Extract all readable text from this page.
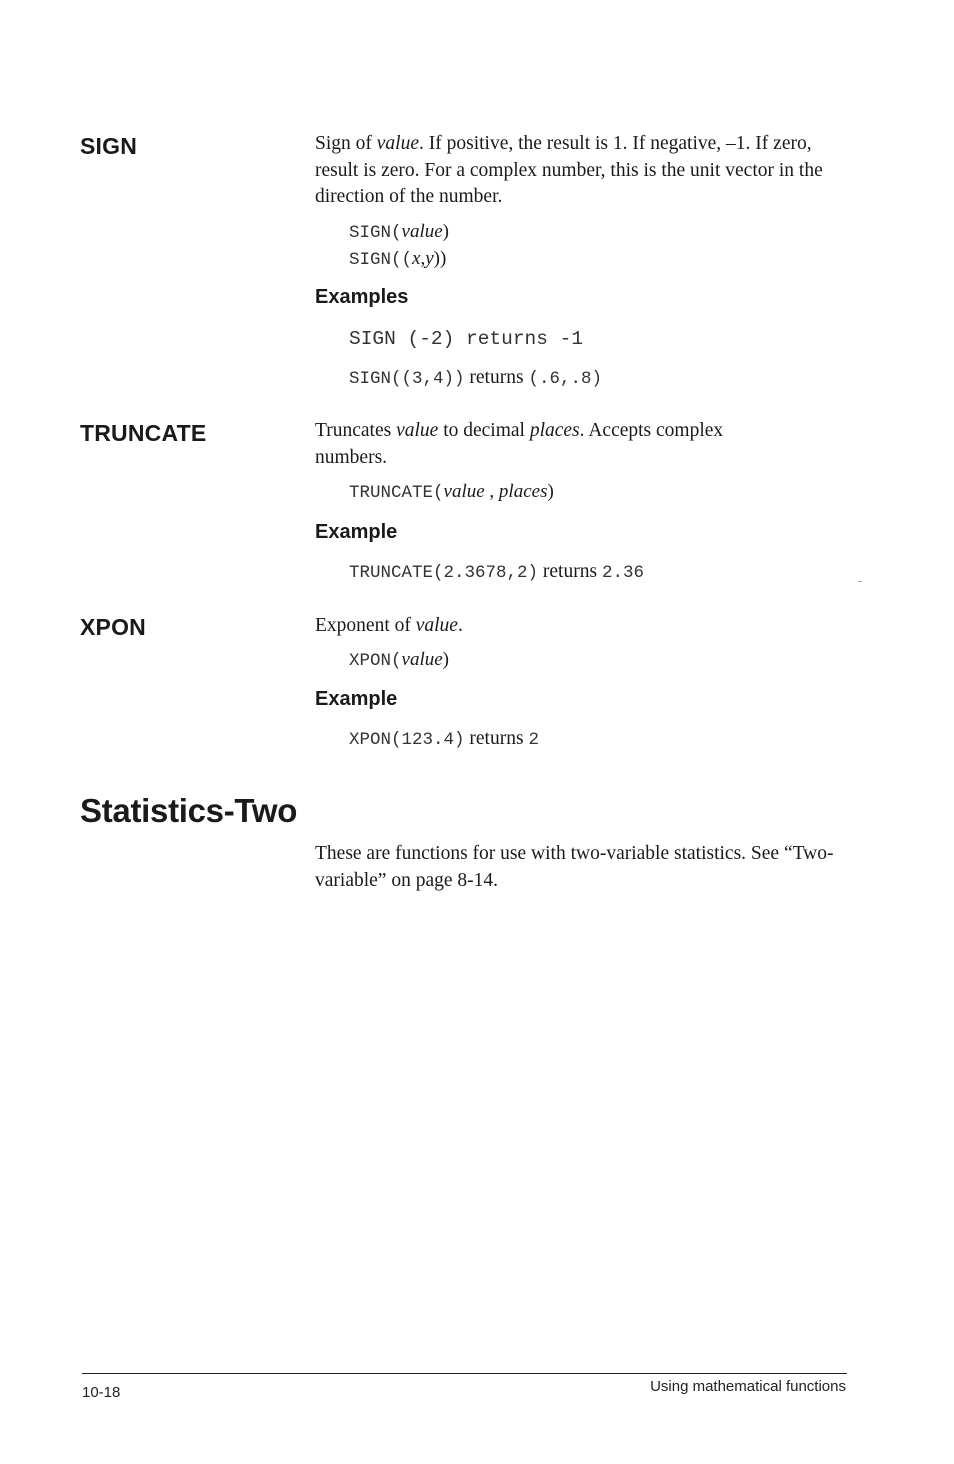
SIGN	Sign of value. If positive, the result is 1. If negative, –1. If zero, result is zero. For a complex number, this is the unit vector in the direction of the number.
SIGN(value)
SIGN((x,y))
Examples
SIGN (-2) returns -1
SIGN((3,4)) returns (.6,.8)
TRUNCATE	Truncates value to decimal places. Accepts complex numbers.
TRUNCATE(value , places)
Example
TRUNCATE(2.3678,2) returns 2.36
XPON	Exponent of value.
XPON(value)
Example
XPON(123.4) returns 2
Statistics-Two
These are functions for use with two-variable statistics. See “Two-variable” on page 8-14.
10-18	Using mathematical functions
